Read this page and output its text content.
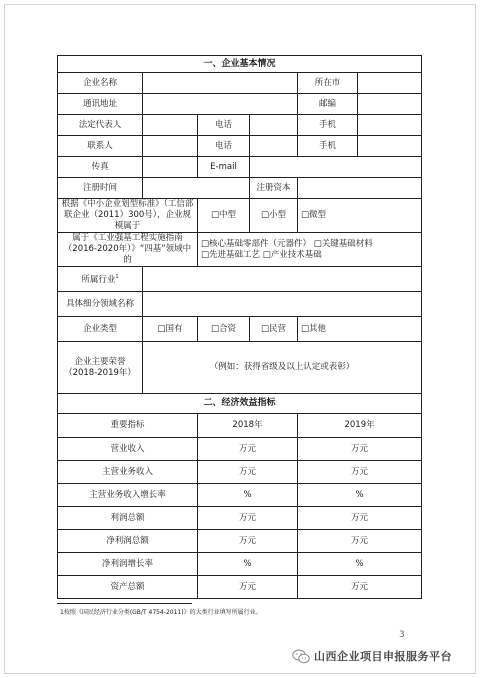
一、企业基本情况					
企业名称				所在市	
通讯地址				邮编	
法定代表人		电话		手机	
联系人		电话		手机	
传真		E-mail			
注册时间			注册资本		
根据《中小企业划型标准》（工信部联企业（2011）300号），企业规模属于		□中型	□小型	□微型	
属于《工业强基工程实施指南（2016-2020年）》“四基”领域中的		□核心基础零部件（元器件） □关键基础材料 □先进基础工艺 □产业技术基础			
所属行业$^1$	
具体细分领域名称					
企业类型	□国有	□合资	□民营	□其他	
企业主要荣誉（2018-2019年）	（例如：获得省级及以上认定或表彰）				
二、经济效益指标					
重要指标		2018年		2019年	
营业收入		万元		万元	
主营业务收入		万元		万元	
主营业务收入增长率		%		%	
利润总额		万元		万元	
净利润总额		万元		万元	
净利润增长率		%		%	
资产总额		万元		万元	
1按照《国民经济行业分类(GB/T 4754-2011)》的大类行业填写所属行业。
3
山西企业项目申报服务平台
